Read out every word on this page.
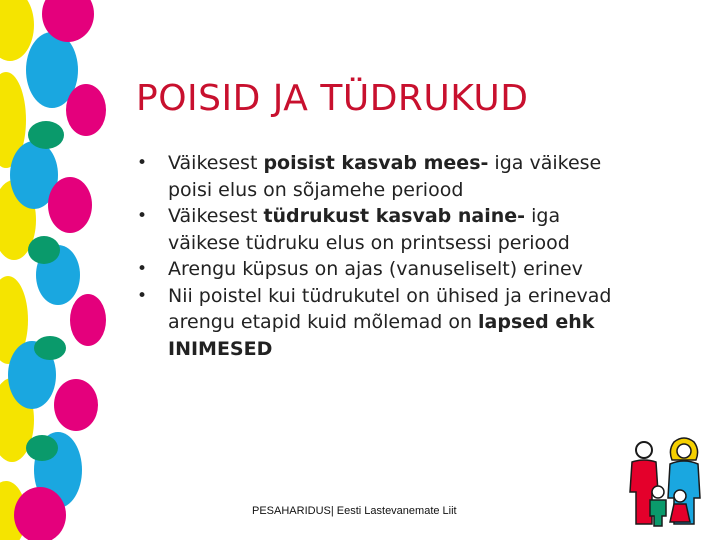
POISID JA TÜDRUKUD
• Väikesest poisist kasvab mees- iga väikese poisi elus on sõjamehe periood
• Väikesest tüdrukust kasvab naine- iga väikese tüdruku elus on printsessi periood
• Arengu küpsus on ajas (vanuseliselt) erinev
• Nii poistel kui tüdrukutel on ühised ja erinevad arengu etapid kuid mõlemad on lapsed ehk INIMESED
PESAHARIDUS| Eesti Lastevanemate Liit
